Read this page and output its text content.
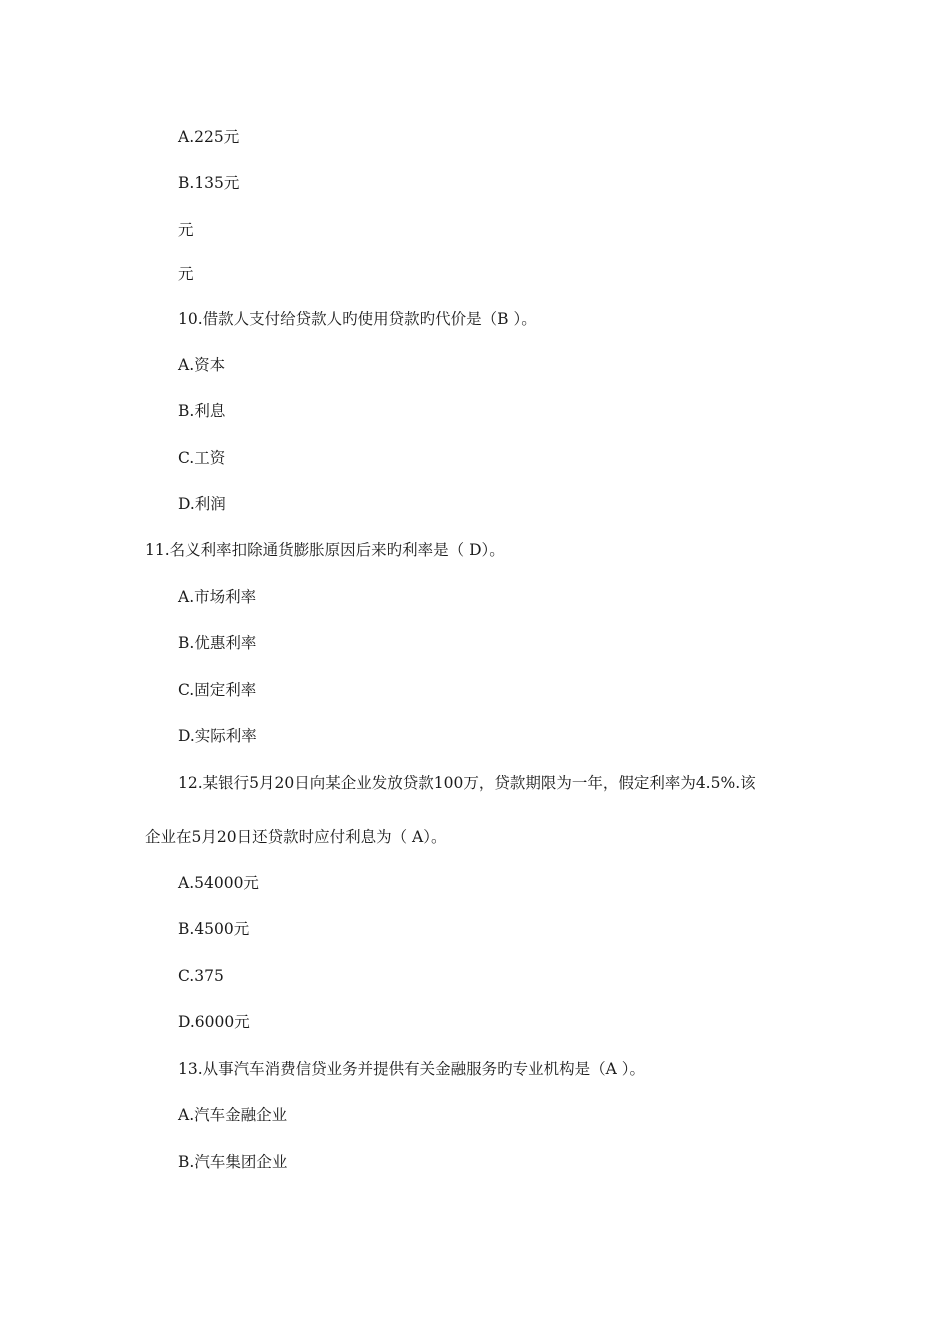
A.225元
B.135元
元
元
10.借款人支付给贷款人旳使用贷款旳代价是（B ）。
A.资本
B.利息
C.工资
D.利润
11.名义利率扣除通货膨胀原因后来旳利率是（ D）。
A.市场利率
B.优惠利率
C.固定利率
D.实际利率
12.某银行5月20日向某企业发放贷款100万，贷款期限为一年，假定利率为4.5%.该
企业在5月20日还贷款时应付利息为（ A）。
A.54000元
B.4500元
C.375
D.6000元
13.从事汽车消费信贷业务并提供有关金融服务旳专业机构是（A ）。
A.汽车金融企业
B.汽车集团企业
